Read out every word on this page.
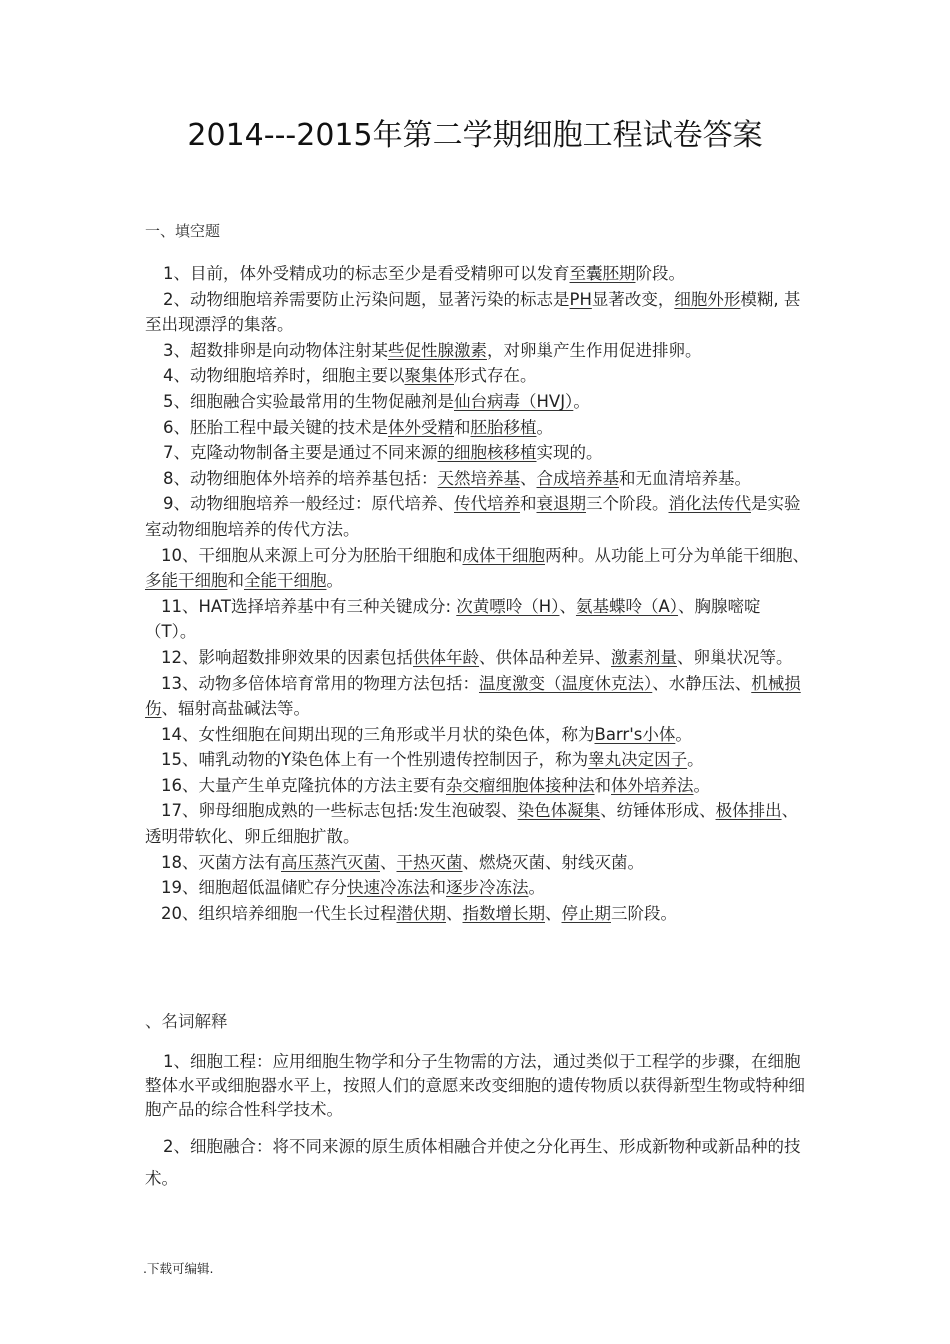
2014---2015年第二学期细胞工程试卷答案
一、填空题

1、目前，体外受精成功的标志至少是看受精卵可以发育至囊胚期阶段。

2、动物细胞培养需要防止污染问题，显著污染的标志是PH显著改变，细胞外形模糊, 甚至出现漂浮的集落。

3、超数排卵是向动物体注射某些促性腺激素，对卵巢产生作用促进排卵。

4、动物细胞培养时，细胞主要以聚集体形式存在。

5、细胞融合实验最常用的生物促融剂是仙台病毒（HVJ）。

6、胚胎工程中最关键的技术是体外受精和胚胎移植。

7、克隆动物制备主要是通过不同来源的细胞核移植实现的。

8、动物细胞体外培养的培养基包括：天然培养基、合成培养基和无血清培养基。

9、动物细胞培养一般经过：原代培养、传代培养和衰退期三个阶段。消化法传代是实验室动物细胞培养的传代方法。

10、干细胞从来源上可分为胚胎干细胞和成体干细胞两种。从功能上可分为单能干细胞、多能干细胞和全能干细胞。

11、HAT选择培养基中有三种关键成分: 次黄嘌呤（H）、氨基蝶呤（A）、胸腺嘧啶（T）。

12、影响超数排卵效果的因素包括供体年龄、供体品种差异、激素剂量、卵巢状况等。

13、动物多倍体培育常用的物理方法包括：温度激变（温度休克法）、水静压法、机械损伤、辐射高盐碱法等。

14、女性细胞在间期出现的三角形或半月状的染色体，称为Barr's小体。

15、哺乳动物的Y染色体上有一个性别遗传控制因子，称为睾丸决定因子。

16、大量产生单克隆抗体的方法主要有杂交瘤细胞体接种法和体外培养法。

17、卵母细胞成熟的一些标志包括:发生泡破裂、染色体凝集、纺锤体形成、极体排出、透明带软化、卵丘细胞扩散。

18、灭菌方法有高压蒸汽灭菌、干热灭菌、燃烧灭菌、射线灭菌。

19、细胞超低温储贮存分快速冷冻法和逐步冷冻法。

20、组织培养细胞一代生长过程潜伏期、指数增长期、停止期三阶段。

、名词解释

1、细胞工程：应用细胞生物学和分子生物需的方法，通过类似于工程学的步骤，在细胞整体水平或细胞器水平上，按照人们的意愿来改变细胞的遗传物质以获得新型生物或特种细胞产品的综合性科学技术。

2、细胞融合：将不同来源的原生质体相融合并使之分化再生、形成新物种或新品种的技术。

.下载可编辑.
